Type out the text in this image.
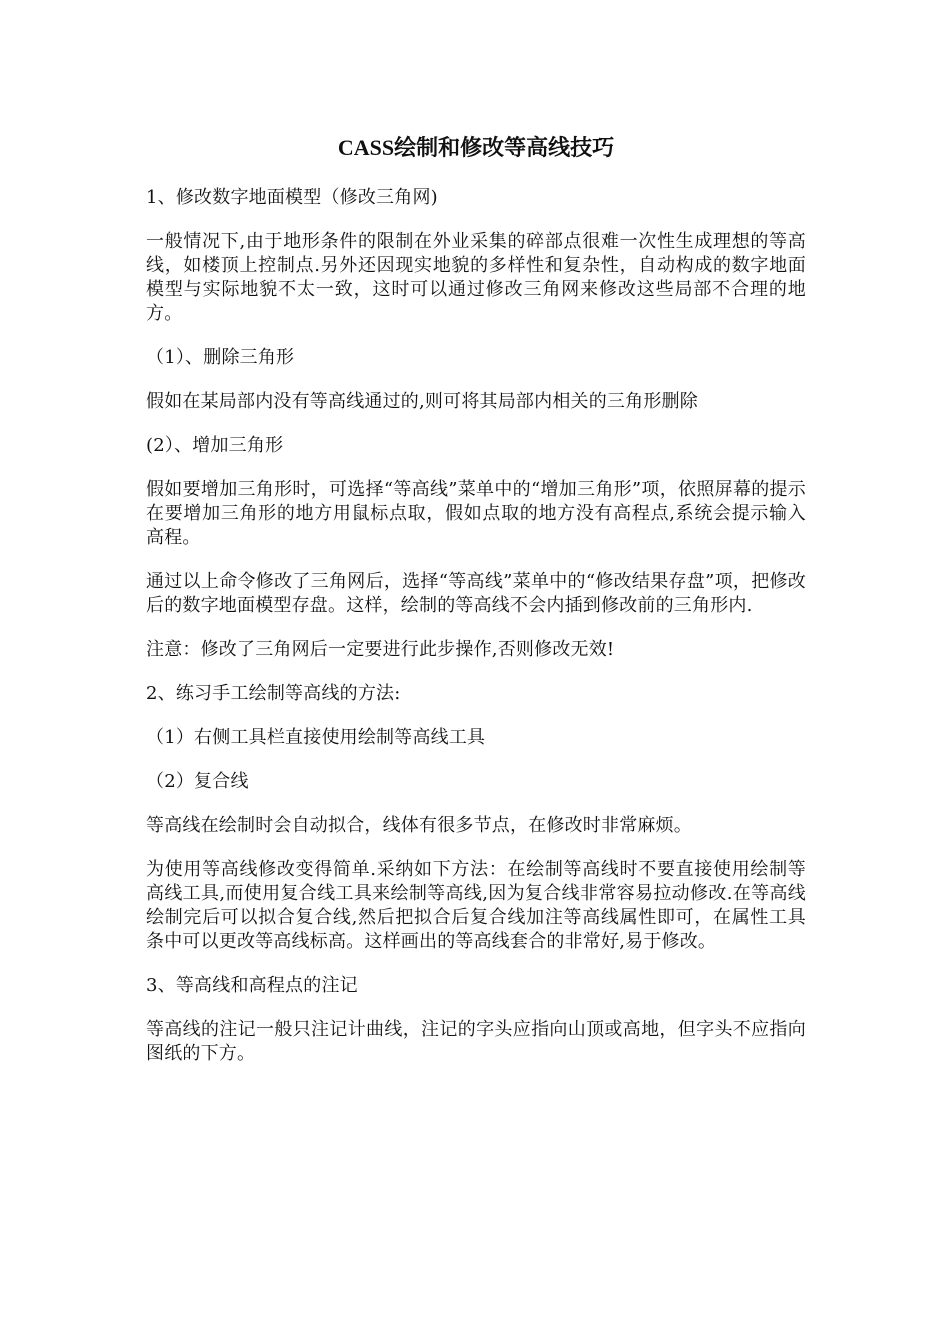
CASS绘制和修改等高线技巧

1、修改数字地面模型（修改三角网)

一般情况下,由于地形条件的限制在外业采集的碎部点很难一次性生成理想的等高线，如楼顶上控制点.另外还因现实地貌的多样性和复杂性，自动构成的数字地面模型与实际地貌不太一致，这时可以通过修改三角网来修改这些局部不合理的地方。

（1）、删除三角形

假如在某局部内没有等高线通过的,则可将其局部内相关的三角形删除

(2）、增加三角形

假如要增加三角形时，可选择“等高线”菜单中的“增加三角形”项，依照屏幕的提示在要增加三角形的地方用鼠标点取，假如点取的地方没有高程点,系统会提示输入高程。

通过以上命令修改了三角网后，选择“等高线”菜单中的“修改结果存盘”项，把修改后的数字地面模型存盘。这样，绘制的等高线不会内插到修改前的三角形内.

注意：修改了三角网后一定要进行此步操作,否则修改无效!

2、练习手工绘制等高线的方法:

（1）右侧工具栏直接使用绘制等高线工具

（2）复合线

等高线在绘制时会自动拟合，线体有很多节点，在修改时非常麻烦。

为使用等高线修改变得简单.采纳如下方法：在绘制等高线时不要直接使用绘制等高线工具,而使用复合线工具来绘制等高线,因为复合线非常容易拉动修改.在等高线绘制完后可以拟合复合线,然后把拟合后复合线加注等高线属性即可，在属性工具条中可以更改等高线标高。这样画出的等高线套合的非常好,易于修改。

3、等高线和高程点的注记

等高线的注记一般只注记计曲线，注记的字头应指向山顶或高地，但字头不应指向图纸的下方。
